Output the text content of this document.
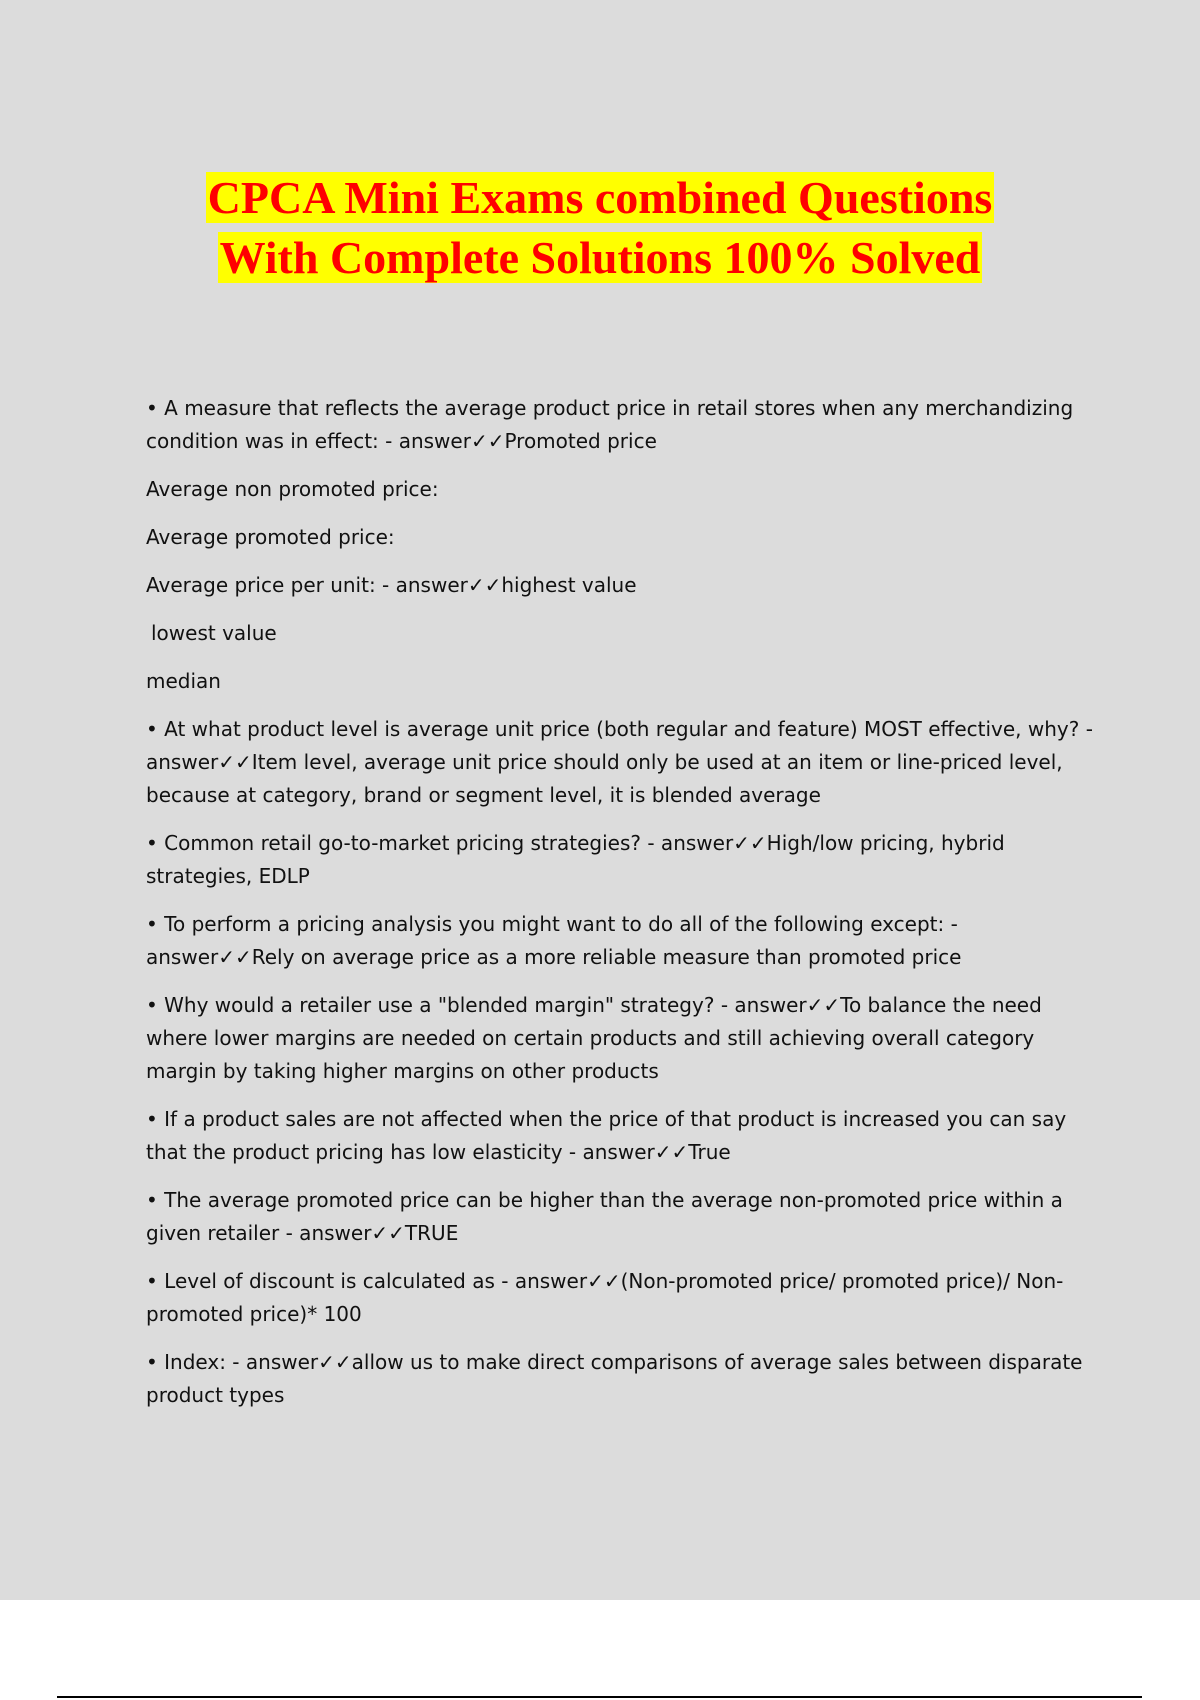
CPCA Mini Exams combined Questions
With Complete Solutions 100% Solved

• A measure that reflects the average product price in retail stores when any merchandizing condition was in effect: - answer✓✓Promoted price

Average non promoted price:

Average promoted price:

Average price per unit: - answer✓✓highest value

lowest value

median

• At what product level is average unit price (both regular and feature) MOST effective, why? - answer✓✓Item level, average unit price should only be used at an item or line-priced level, because at category, brand or segment level, it is blended average

• Common retail go-to-market pricing strategies? - answer✓✓High/low pricing, hybrid strategies, EDLP

• To perform a pricing analysis you might want to do all of the following except: - answer✓✓Rely on average price as a more reliable measure than promoted price

• Why would a retailer use a "blended margin" strategy? - answer✓✓To balance the need where lower margins are needed on certain products and still achieving overall category margin by taking higher margins on other products

• If a product sales are not affected when the price of that product is increased you can say that the product pricing has low elasticity - answer✓✓True

• The average promoted price can be higher than the average non-promoted price within a given retailer - answer✓✓TRUE

• Level of discount is calculated as - answer✓✓(Non-promoted price/ promoted price)/ Non-promoted price)* 100

• Index: - answer✓✓allow us to make direct comparisons of average sales between disparate product types
